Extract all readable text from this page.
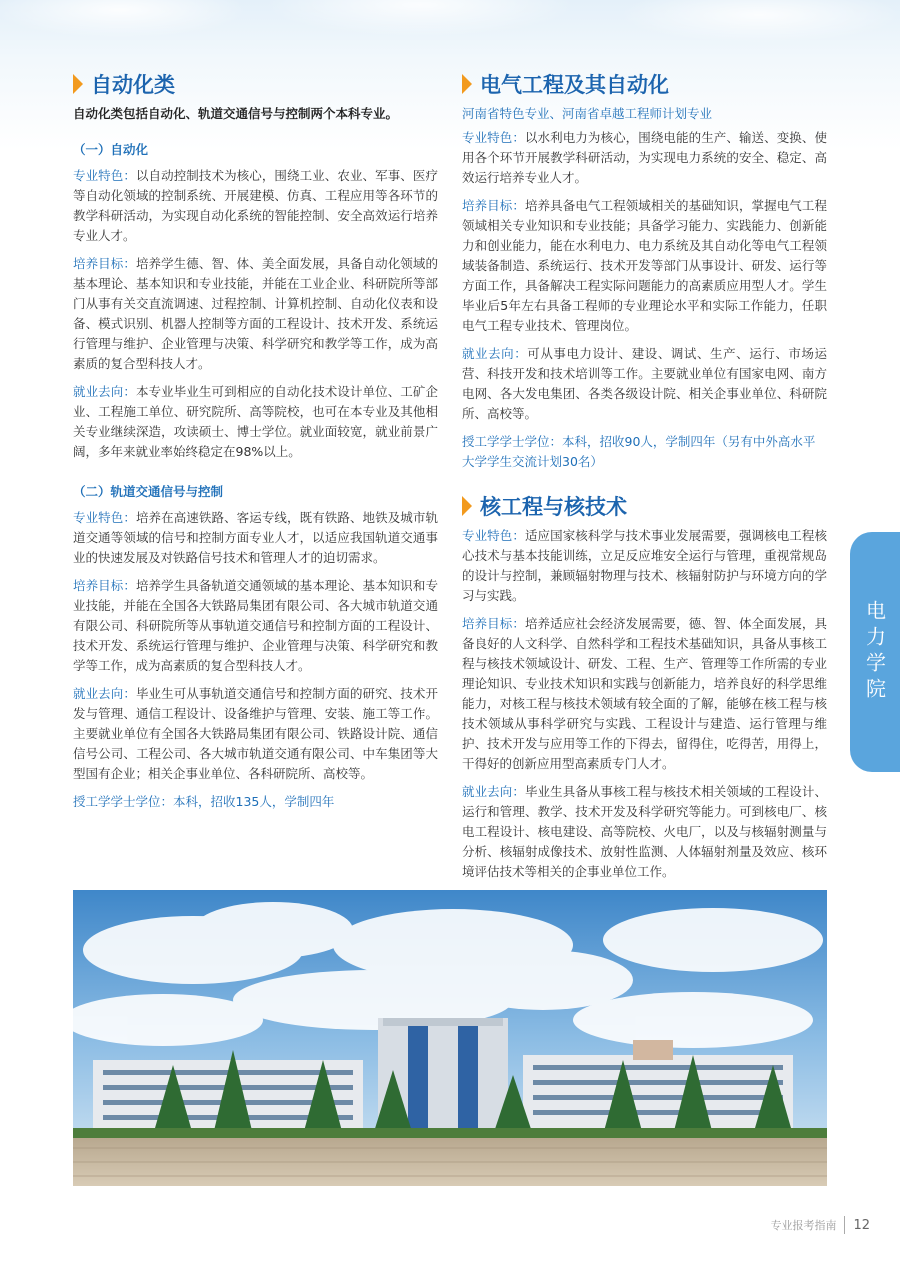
自动化类
自动化类包括自动化、轨道交通信号与控制两个本科专业。
（一）自动化

专业特色：以自动控制技术为核心，围绕工业、农业、军事、医疗等自动化领域的控制系统、开展建模、仿真、工程应用等各环节的教学科研活动，为实现自动化系统的智能控制、安全高效运行培养专业人才。

培养目标：培养学生德、智、体、美全面发展，具备自动化领域的基本理论、基本知识和专业技能，并能在工业企业、科研院所等部门从事有关交直流调速、过程控制、计算机控制、自动化仪表和设备、模式识别、机器人控制等方面的工程设计、技术开发、系统运行管理与维护、企业管理与决策、科学研究和教学等工作，成为高素质的复合型科技人才。

就业去向：本专业毕业生可到相应的自动化技术设计单位、工矿企业、工程施工单位、研究院所、高等院校，也可在本专业及其他相关专业继续深造，攻读硕士、博士学位。就业面较宽，就业前景广阔，多年来就业率始终稳定在98%以上。

（二）轨道交通信号与控制

专业特色：培养在高速铁路、客运专线，既有铁路、地铁及城市轨道交通等领域的信号和控制方面专业人才，以适应我国轨道交通事业的快速发展及对铁路信号技术和管理人才的迫切需求。

培养目标：培养学生具备轨道交通领域的基本理论、基本知识和专业技能，并能在全国各大铁路局集团有限公司、各大城市轨道交通有限公司、科研院所等从事轨道交通信号和控制方面的工程设计、技术开发、系统运行管理与维护、企业管理与决策、科学研究和教学等工作，成为高素质的复合型科技人才。

就业去向：毕业生可从事轨道交通信号和控制方面的研究、技术开发与管理、通信工程设计、设备维护与管理、安装、施工等工作。主要就业单位有全国各大铁路局集团有限公司、铁路设计院、通信信号公司、工程公司、各大城市轨道交通有限公司、中车集团等大型国有企业；相关企事业单位、各科研院所、高校等。

授工学学士学位：本科，招收135人，学制四年
电气工程及其自动化
河南省特色专业、河南省卓越工程师计划专业

专业特色：以水利电力为核心，围绕电能的生产、输送、变换、使用各个环节开展教学科研活动，为实现电力系统的安全、稳定、高效运行培养专业人才。

培养目标：培养具备电气工程领域相关的基础知识，掌握电气工程领域相关专业知识和专业技能；具备学习能力、实践能力、创新能力和创业能力，能在水利电力、电力系统及其自动化等电气工程领域装备制造、系统运行、技术开发等部门从事设计、研发、运行等方面工作，具备解决工程实际问题能力的高素质应用型人才。学生毕业后5年左右具备工程师的专业理论水平和实际工作能力，任职电气工程专业技术、管理岗位。

就业去向：可从事电力设计、建设、调试、生产、运行、市场运营、科技开发和技术培训等工作。主要就业单位有国家电网、南方电网、各大发电集团、各类各级设计院、相关企事业单位、科研院所、高校等。

授工学学士学位：本科，招收90人，学制四年（另有中外高水平大学学生交流计划30名）
核工程与核技术

专业特色：适应国家核科学与技术事业发展需要，强调核电工程核心技术与基本技能训练，立足反应堆安全运行与管理，重视常规岛的设计与控制，兼顾辐射物理与技术、核辐射防护与环境方向的学习与实践。

培养目标：培养适应社会经济发展需要，德、智、体全面发展，具备良好的人文科学、自然科学和工程技术基础知识，具备从事核工程与核技术领域设计、研发、工程、生产、管理等工作所需的专业理论知识、专业技术知识和实践与创新能力，培养良好的科学思维能力，对核工程与核技术领域有较全面的了解，能够在核工程与核技术领域从事科学研究与实践、工程设计与建造、运行管理与维护、技术开发与应用等工作的下得去，留得住，吃得苦，用得上，干得好的创新应用型高素质专门人才。

就业去向：毕业生具备从事核工程与核技术相关领域的工程设计、运行和管理、教学、技术开发及科学研究等能力。可到核电厂、核电工程设计、核电建设、高等院校、火电厂，以及与核辐射测量与分析、核辐射成像技术、放射性监测、人体辐射剂量及效应、核环境评估技术等相关的企事业单位工作。

电力学院
专业报考指南 12
